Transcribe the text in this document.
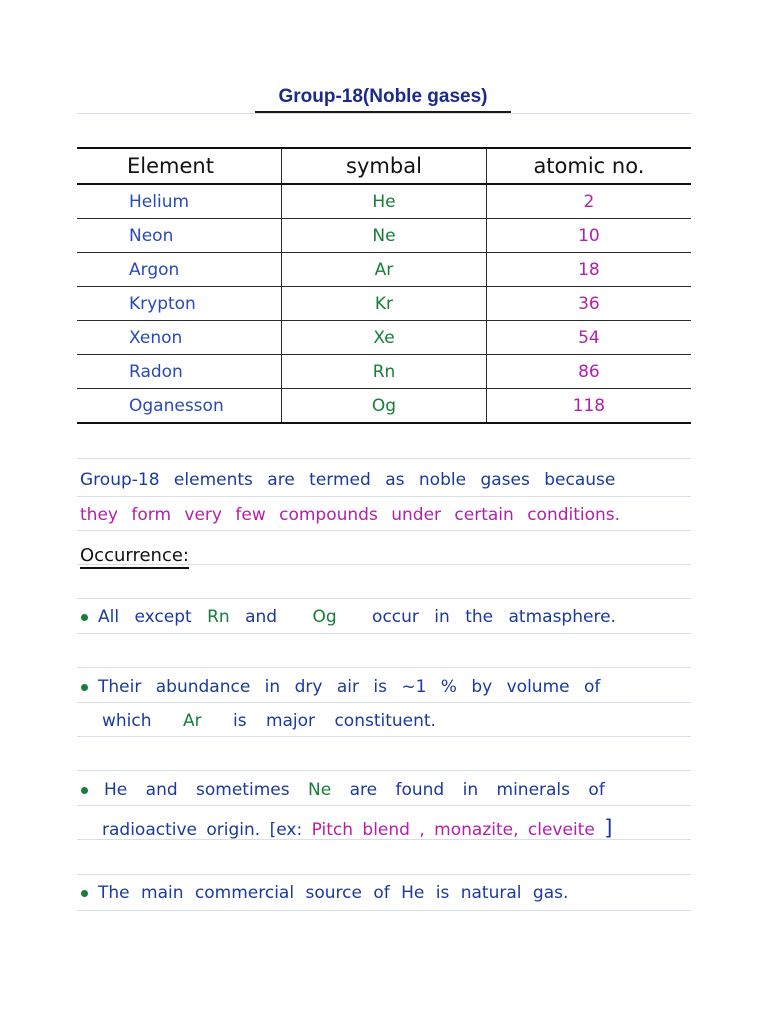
Group-18(Noble gases)
Element	symbal	atomic no.
Helium	He	2
Neon	Ne	10
Argon	Ar	18
Krypton	Kr	36
Xenon	Xe	54
Radon	Rn	86
Oganesson	Og	118
Group-18 elements are termed as noble gases because
they form very few compounds under certain conditions.
Occurrence:
All except Rn and Og occur in the atmasphere.
Their abundance in dry air is ~1 % by volume of
which Ar is major constituent.
He and sometimes Ne are found in minerals of
radioactive origin. [ex: Pitch blend , monazite, cleveite ]
The main commercial source of He is natural gas.
